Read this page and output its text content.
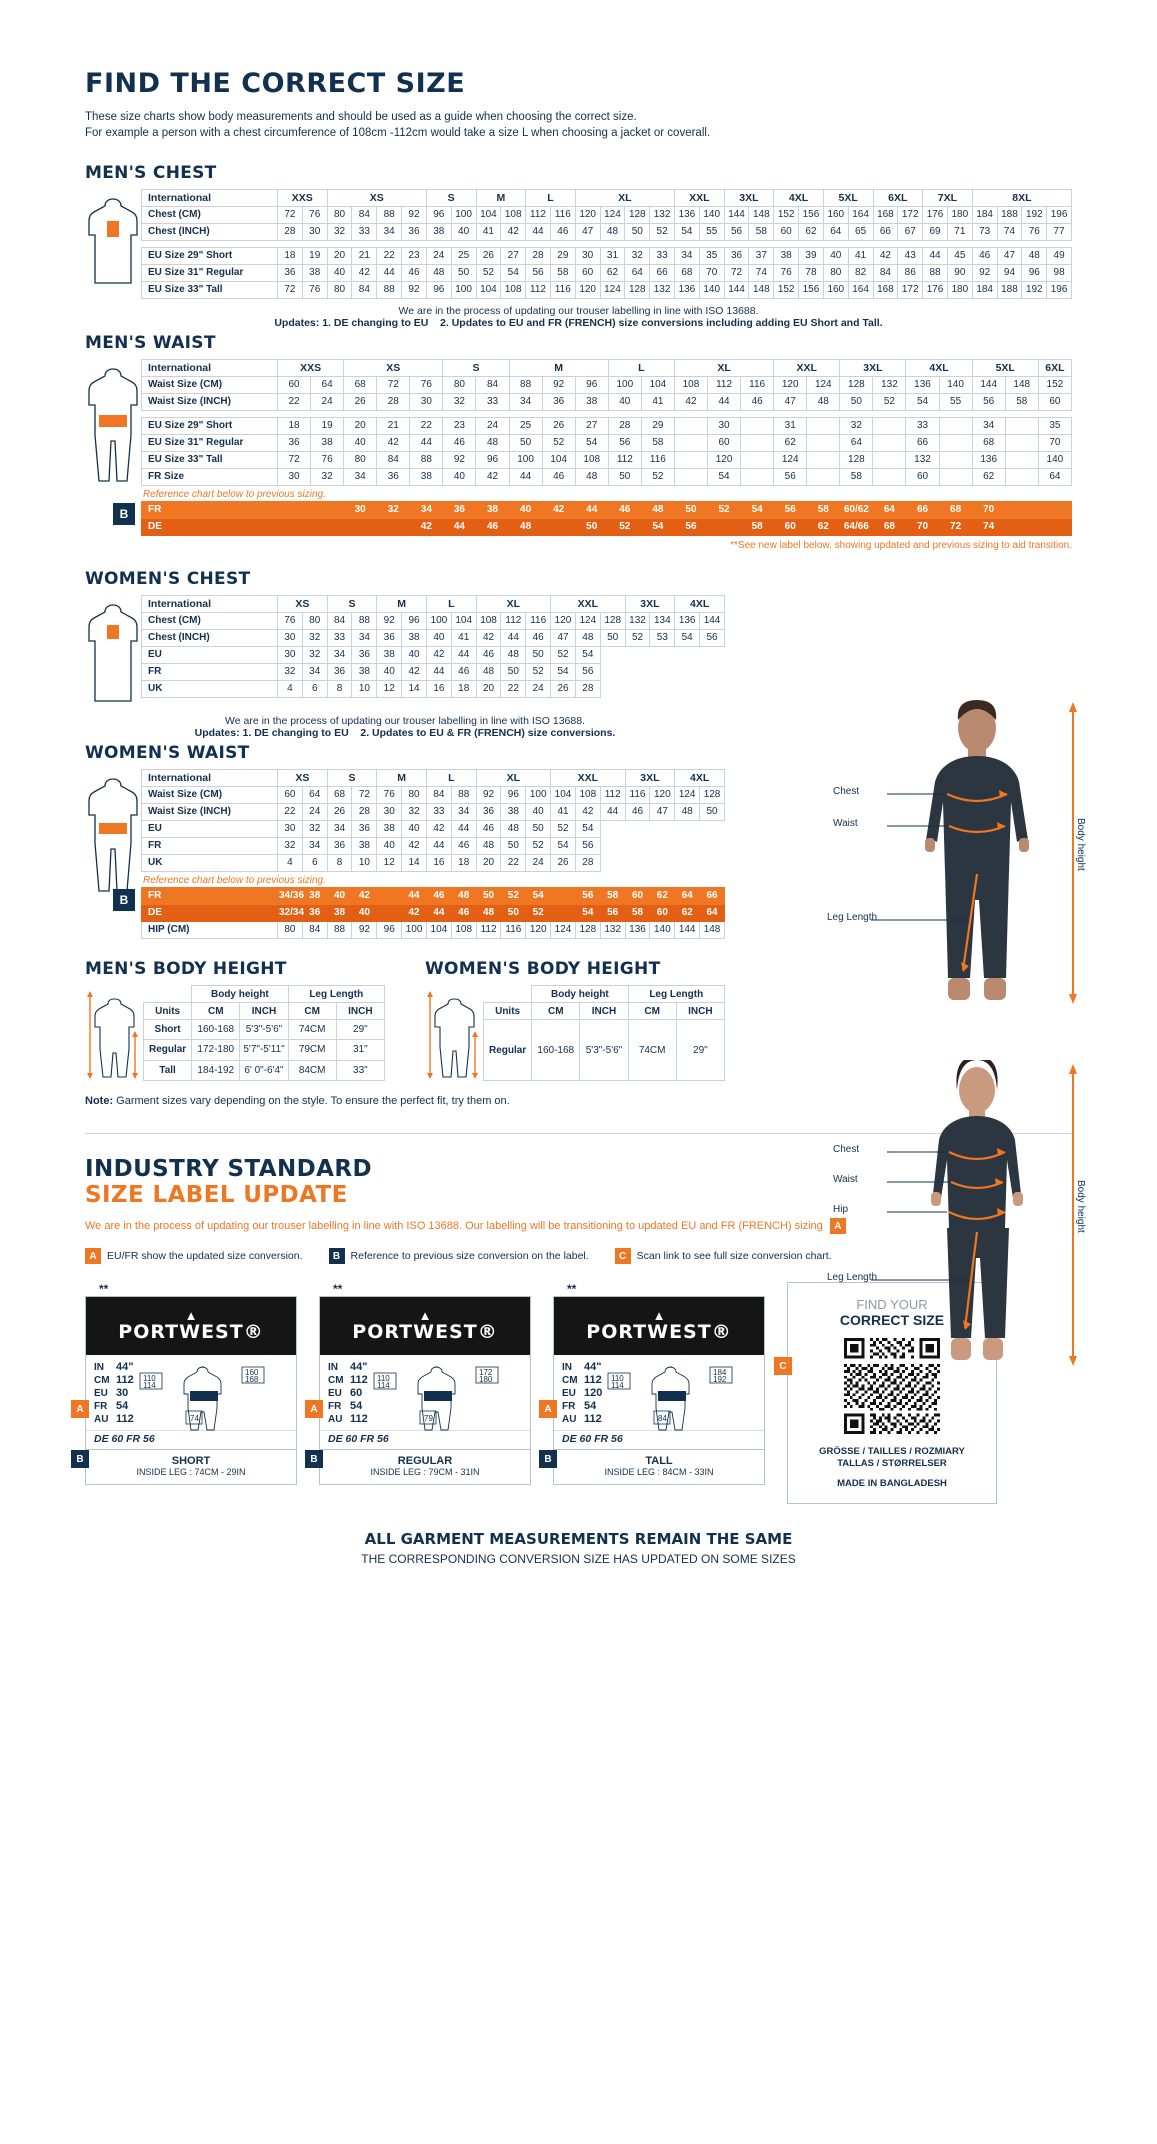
FIND THE CORRECT SIZE
These size charts show body measurements and should be used as a guide when choosing the correct size.
For example a person with a chest circumference of 108cm -112cm would take a size L when choosing a jacket or coverall.
MEN'S CHEST
International	XXS		XS				S		M		L		XL				XXL		3XL		4XL		5XL		6XL		7XL		8XL			
Chest (CM)	72	76	80	84	88	92	96	100	104	108	112	116	120	124	128	132	136	140	144	148	152	156	160	164	168	172	176	180	184	188	192	196
Chest (INCH)	28	30	32	33	34	36	38	40	41	42	44	46	47	48	50	52	54	55	56	58	60	62	64	65	66	67	69	71	73	74	76	77

EU Size 29" Short	18	19	20	21	22	23	24	25	26	27	28	29	30	31	32	33	34	35	36	37	38	39	40	41	42	43	44	45	46	47	48	49
EU Size 31" Regular	36	38	40	42	44	46	48	50	52	54	56	58	60	62	64	66	68	70	72	74	76	78	80	82	84	86	88	90	92	94	96	98
EU Size 33" Tall	72	76	80	84	88	92	96	100	104	108	112	116	120	124	128	132	136	140	144	148	152	156	160	164	168	172	176	180	184	188	192	196
We are in the process of updating our trouser labelling in line with ISO 13688.
Updates: 1. DE changing to EU 2. Updates to EU and FR (FRENCH) size conversions including adding EU Short and Tall.
MEN'S WAIST
International	XXS		XS			S		M			L		XL			XXL		3XL		4XL		5XL		6XL
Waist Size (CM)	60	64	68	72	76	80	84	88	92	96	100	104	108	112	116	120	124	128	132	136	140	144	148	152
Waist Size (INCH)	22	24	26	28	30	32	33	34	36	38	40	41	42	44	46	47	48	50	52	54	55	56	58	60

EU Size 29" Short	18	19	20	21	22	23	24	25	26	27	28	29		30		31		32		33		34		35
EU Size 31" Regular	36	38	40	42	44	46	48	50	52	54	56	58		60		62		64		66		68		70
EU Size 33" Tall	72	76	80	84	88	92	96	100	104	108	112	116		120		124		128		132		136		140
FR Size	30	32	34	36	38	40	42	44	46	48	50	52		54		56		58		60		62		64
Reference chart below to previous sizing.
B	FR			30	32	34	36	38	40	42	44	46	48	50	52	54	56	58	60/62	64	66	68	70		
DE					42	44	46	48		50	52	54	56		58	60	62	64/66	68	70	72	74		
**See new label below, showing updated and previous sizing to aid transition.
WOMEN'S CHEST
International	XS		S		M		L		XL			XXL			3XL		4XL	
Chest (CM)	76	80	84	88	92	96	100	104	108	112	116	120	124	128	132	134	136	144
Chest (INCH)	30	32	33	34	36	38	40	41	42	44	46	47	48	50	52	53	54	56
EU	30	32	34	36	38	40	42	44	46	48	50	52	54					
FR	32	34	36	38	40	42	44	46	48	50	52	54	56					
UK	4	6	8	10	12	14	16	18	20	22	24	26	28					
We are in the process of updating our trouser labelling in line with ISO 13688.
Updates: 1. DE changing to EU 2. Updates to EU & FR (FRENCH) size conversions.
WOMEN'S WAIST
International	XS		S		M		L		XL			XXL			3XL		4XL	
Waist Size (CM)	60	64	68	72	76	80	84	88	92	96	100	104	108	112	116	120	124	128
Waist Size (INCH)	22	24	26	28	30	32	33	34	36	38	40	41	42	44	46	47	48	50
EU	30	32	34	36	38	40	42	44	46	48	50	52	54					
FR	32	34	36	38	40	42	44	46	48	50	52	54	56					
UK	4	6	8	10	12	14	16	18	20	22	24	26	28					
Reference chart below to previous sizing.
B	FR	34/36	38	40	42		44	46	48	50	52	54		56	58	60	62	64	66
DE	32/34	36	38	40		42	44	46	48	50	52		54	56	58	60	62	64
HIP (CM)	80	84	88	92	96	100	104	108	112	116	120	124	128	132	136	140	144	148
MEN'S BODY HEIGHT
	Body height		Leg Length	
Units	CM	INCH	CM	INCH
Short	160-168	5'3"-5'6"	74CM	29"
Regular	172-180	5'7"-5'11"	79CM	31"
Tall	184-192	6' 0"-6'4"	84CM	33"
WOMEN'S BODY HEIGHT
	Body height		Leg Length	
Units	CM	INCH	CM	INCH
Regular	160-168	5'3"-5'6"	74CM	29"
Note: Garment sizes vary depending on the style. To ensure the perfect fit, try them on.
INDUSTRY STANDARD
SIZE LABEL UPDATE
We are in the process of updating our trouser labelling in line with ISO 13688. Our labelling will be transitioning to updated EU and FR (FRENCH) sizing A
A EU/FR show the updated size conversion.	B Reference to previous size conversion on the label.	C Scan link to see full size conversion chart.
**
▲
PORTWEST®
IN	44"
CM 112
EU 30
FR 54
AU 112
110
114
160
168
74
DE 60 FR 56
SHORT
INSIDE LEG : 74CM - 29IN
A
B
**
▲
PORTWEST®
IN	44"
CM 112
EU 60
FR 54
AU 112
110
114
172
180
79
DE 60 FR 56
REGULAR
INSIDE LEG : 79CM - 31IN
A
B
**
▲
PORTWEST®
IN	44"
CM 112
EU 120
FR 54
AU 112
110
114
184
192
84
DE 60 FR 56
TALL
INSIDE LEG : 84CM - 33IN
A
B
C
FIND YOUR
CORRECT SIZE
GRÖSSE / TAILLES / ROZMIARY
TALLAS / STØRRELSER
MADE IN BANGLADESH
ALL GARMENT MEASUREMENTS REMAIN THE SAME
THE CORRESPONDING CONVERSION SIZE HAS UPDATED ON SOME SIZES
Chest
Waist
Leg Length
Body height
Chest
Waist
Hip
Leg Length
Body height
